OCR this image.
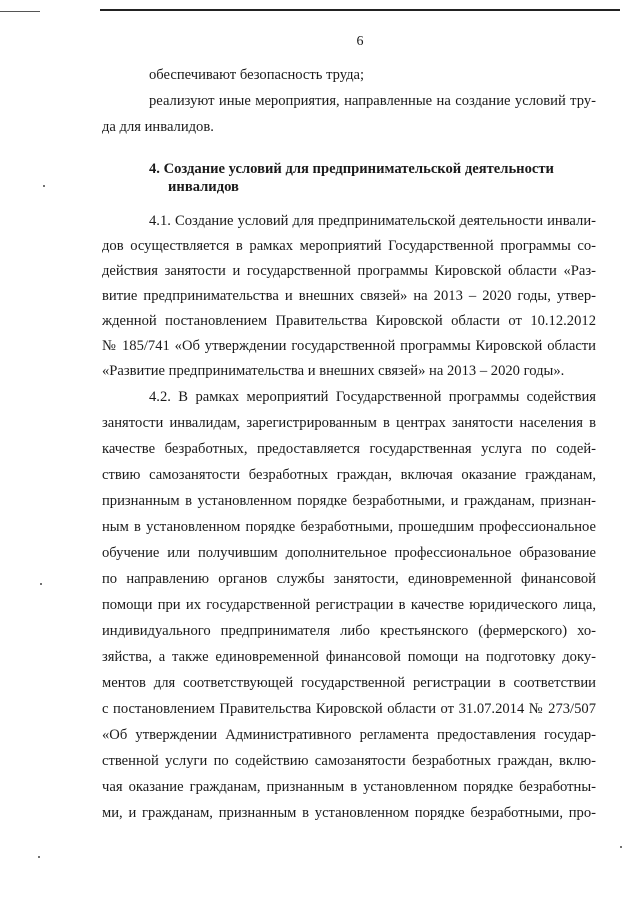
6
обеспечивают безопасность труда;
реализуют иные мероприятия, направленные на создание условий тру-
да для инвалидов.
4. Создание условий для предпринимательской деятельности
инвалидов
4.1. Создание условий для предпринимательской деятельности инвали-
дов осуществляется в рамках мероприятий Государственной программы со-
действия занятости и государственной программы Кировской области «Раз-
витие предпринимательства и внешних связей» на 2013 – 2020 годы, утвер-
жденной постановлением Правительства Кировской области от 10.12.2012
№ 185/741 «Об утверждении государственной программы Кировской области
«Развитие предпринимательства и внешних связей» на 2013 – 2020 годы».
4.2. В рамках мероприятий Государственной программы содействия
занятости инвалидам, зарегистрированным в центрах занятости населения в
качестве безработных, предоставляется государственная услуга по содей-
ствию самозанятости безработных граждан, включая оказание гражданам,
признанным в установленном порядке безработными, и гражданам, признан-
ным в установленном порядке безработными, прошедшим профессиональное
обучение или получившим дополнительное профессиональное образование
по направлению органов службы занятости, единовременной финансовой
помощи при их государственной регистрации в качестве юридического лица,
индивидуального предпринимателя либо крестьянского (фермерского) хо-
зяйства, а также единовременной финансовой помощи на подготовку доку-
ментов для соответствующей государственной регистрации в соответствии
с постановлением Правительства Кировской области от 31.07.2014 № 273/507
«Об утверждении Административного регламента предоставления государ-
ственной услуги по содействию самозанятости безработных граждан, вклю-
чая оказание гражданам, признанным в установленном порядке безработны-
ми, и гражданам, признанным в установленном порядке безработными, про-
